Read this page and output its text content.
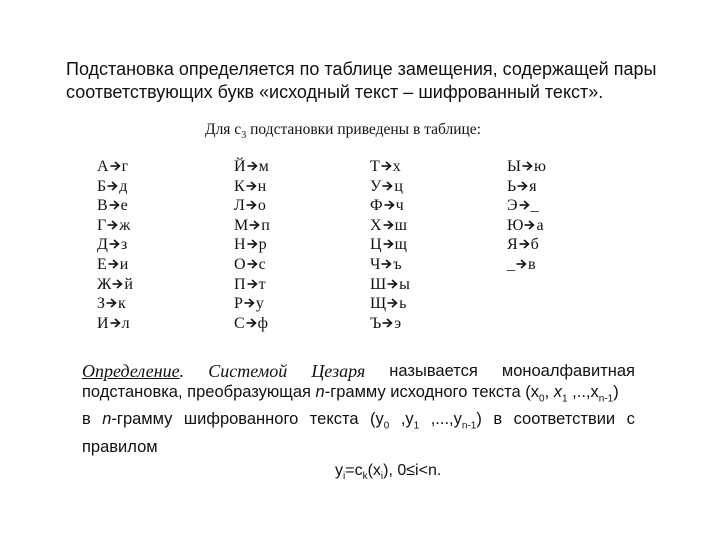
Подстановка определяется по таблице замещения, содержащей пары
соответствующих букв «исходный текст – шифрованный текст».
Для $c_3$ подстановки приведены в таблице:
А г
Б д
В е
Г ж
Д з
Е и
Ж й
З к
И л
Й м
К н
Л о
М п
Н р
О с
П т
Р у
С ф
Т х
У ц
Ф ч
Х ш
Ц щ
Ч ъ
Ш ы
Щ ь
Ъ э
Ы ю
Ь я
Э _
Ю а
Я б
_ в
Определение. Системой Цезаря называется моноалфавитная
подстановка, преобразующая n-грамму исходного текста ($x_0$, $x_1$ $,..,x_{n-1}$)
в n-грамму шифрованного текста ($y_0$ $,y_1$ $,...,y_{n-1}$) в соответствии с
правилом
$y_i=c_k(x_i)$, 0≤i<n.
